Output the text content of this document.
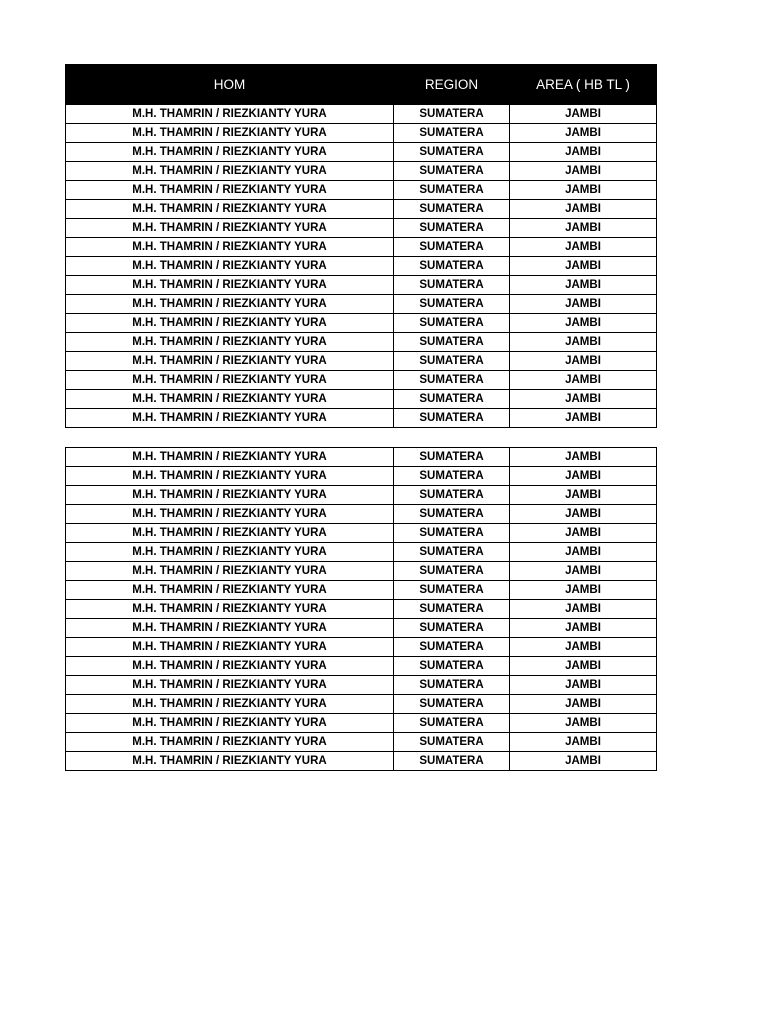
HOM	REGION	AREA ( HB TL )
M.H. THAMRIN / RIEZKIANTY YURA	SUMATERA	JAMBI
M.H. THAMRIN / RIEZKIANTY YURA	SUMATERA	JAMBI
M.H. THAMRIN / RIEZKIANTY YURA	SUMATERA	JAMBI
M.H. THAMRIN / RIEZKIANTY YURA	SUMATERA	JAMBI
M.H. THAMRIN / RIEZKIANTY YURA	SUMATERA	JAMBI
M.H. THAMRIN / RIEZKIANTY YURA	SUMATERA	JAMBI
M.H. THAMRIN / RIEZKIANTY YURA	SUMATERA	JAMBI
M.H. THAMRIN / RIEZKIANTY YURA	SUMATERA	JAMBI
M.H. THAMRIN / RIEZKIANTY YURA	SUMATERA	JAMBI
M.H. THAMRIN / RIEZKIANTY YURA	SUMATERA	JAMBI
M.H. THAMRIN / RIEZKIANTY YURA	SUMATERA	JAMBI
M.H. THAMRIN / RIEZKIANTY YURA	SUMATERA	JAMBI
M.H. THAMRIN / RIEZKIANTY YURA	SUMATERA	JAMBI
M.H. THAMRIN / RIEZKIANTY YURA	SUMATERA	JAMBI
M.H. THAMRIN / RIEZKIANTY YURA	SUMATERA	JAMBI
M.H. THAMRIN / RIEZKIANTY YURA	SUMATERA	JAMBI
M.H. THAMRIN / RIEZKIANTY YURA	SUMATERA	JAMBI
M.H. THAMRIN / RIEZKIANTY YURA	SUMATERA	JAMBI
M.H. THAMRIN / RIEZKIANTY YURA	SUMATERA	JAMBI
M.H. THAMRIN / RIEZKIANTY YURA	SUMATERA	JAMBI
M.H. THAMRIN / RIEZKIANTY YURA	SUMATERA	JAMBI
M.H. THAMRIN / RIEZKIANTY YURA	SUMATERA	JAMBI
M.H. THAMRIN / RIEZKIANTY YURA	SUMATERA	JAMBI
M.H. THAMRIN / RIEZKIANTY YURA	SUMATERA	JAMBI
M.H. THAMRIN / RIEZKIANTY YURA	SUMATERA	JAMBI
M.H. THAMRIN / RIEZKIANTY YURA	SUMATERA	JAMBI
M.H. THAMRIN / RIEZKIANTY YURA	SUMATERA	JAMBI
M.H. THAMRIN / RIEZKIANTY YURA	SUMATERA	JAMBI
M.H. THAMRIN / RIEZKIANTY YURA	SUMATERA	JAMBI
M.H. THAMRIN / RIEZKIANTY YURA	SUMATERA	JAMBI
M.H. THAMRIN / RIEZKIANTY YURA	SUMATERA	JAMBI
M.H. THAMRIN / RIEZKIANTY YURA	SUMATERA	JAMBI
M.H. THAMRIN / RIEZKIANTY YURA	SUMATERA	JAMBI
M.H. THAMRIN / RIEZKIANTY YURA	SUMATERA	JAMBI
